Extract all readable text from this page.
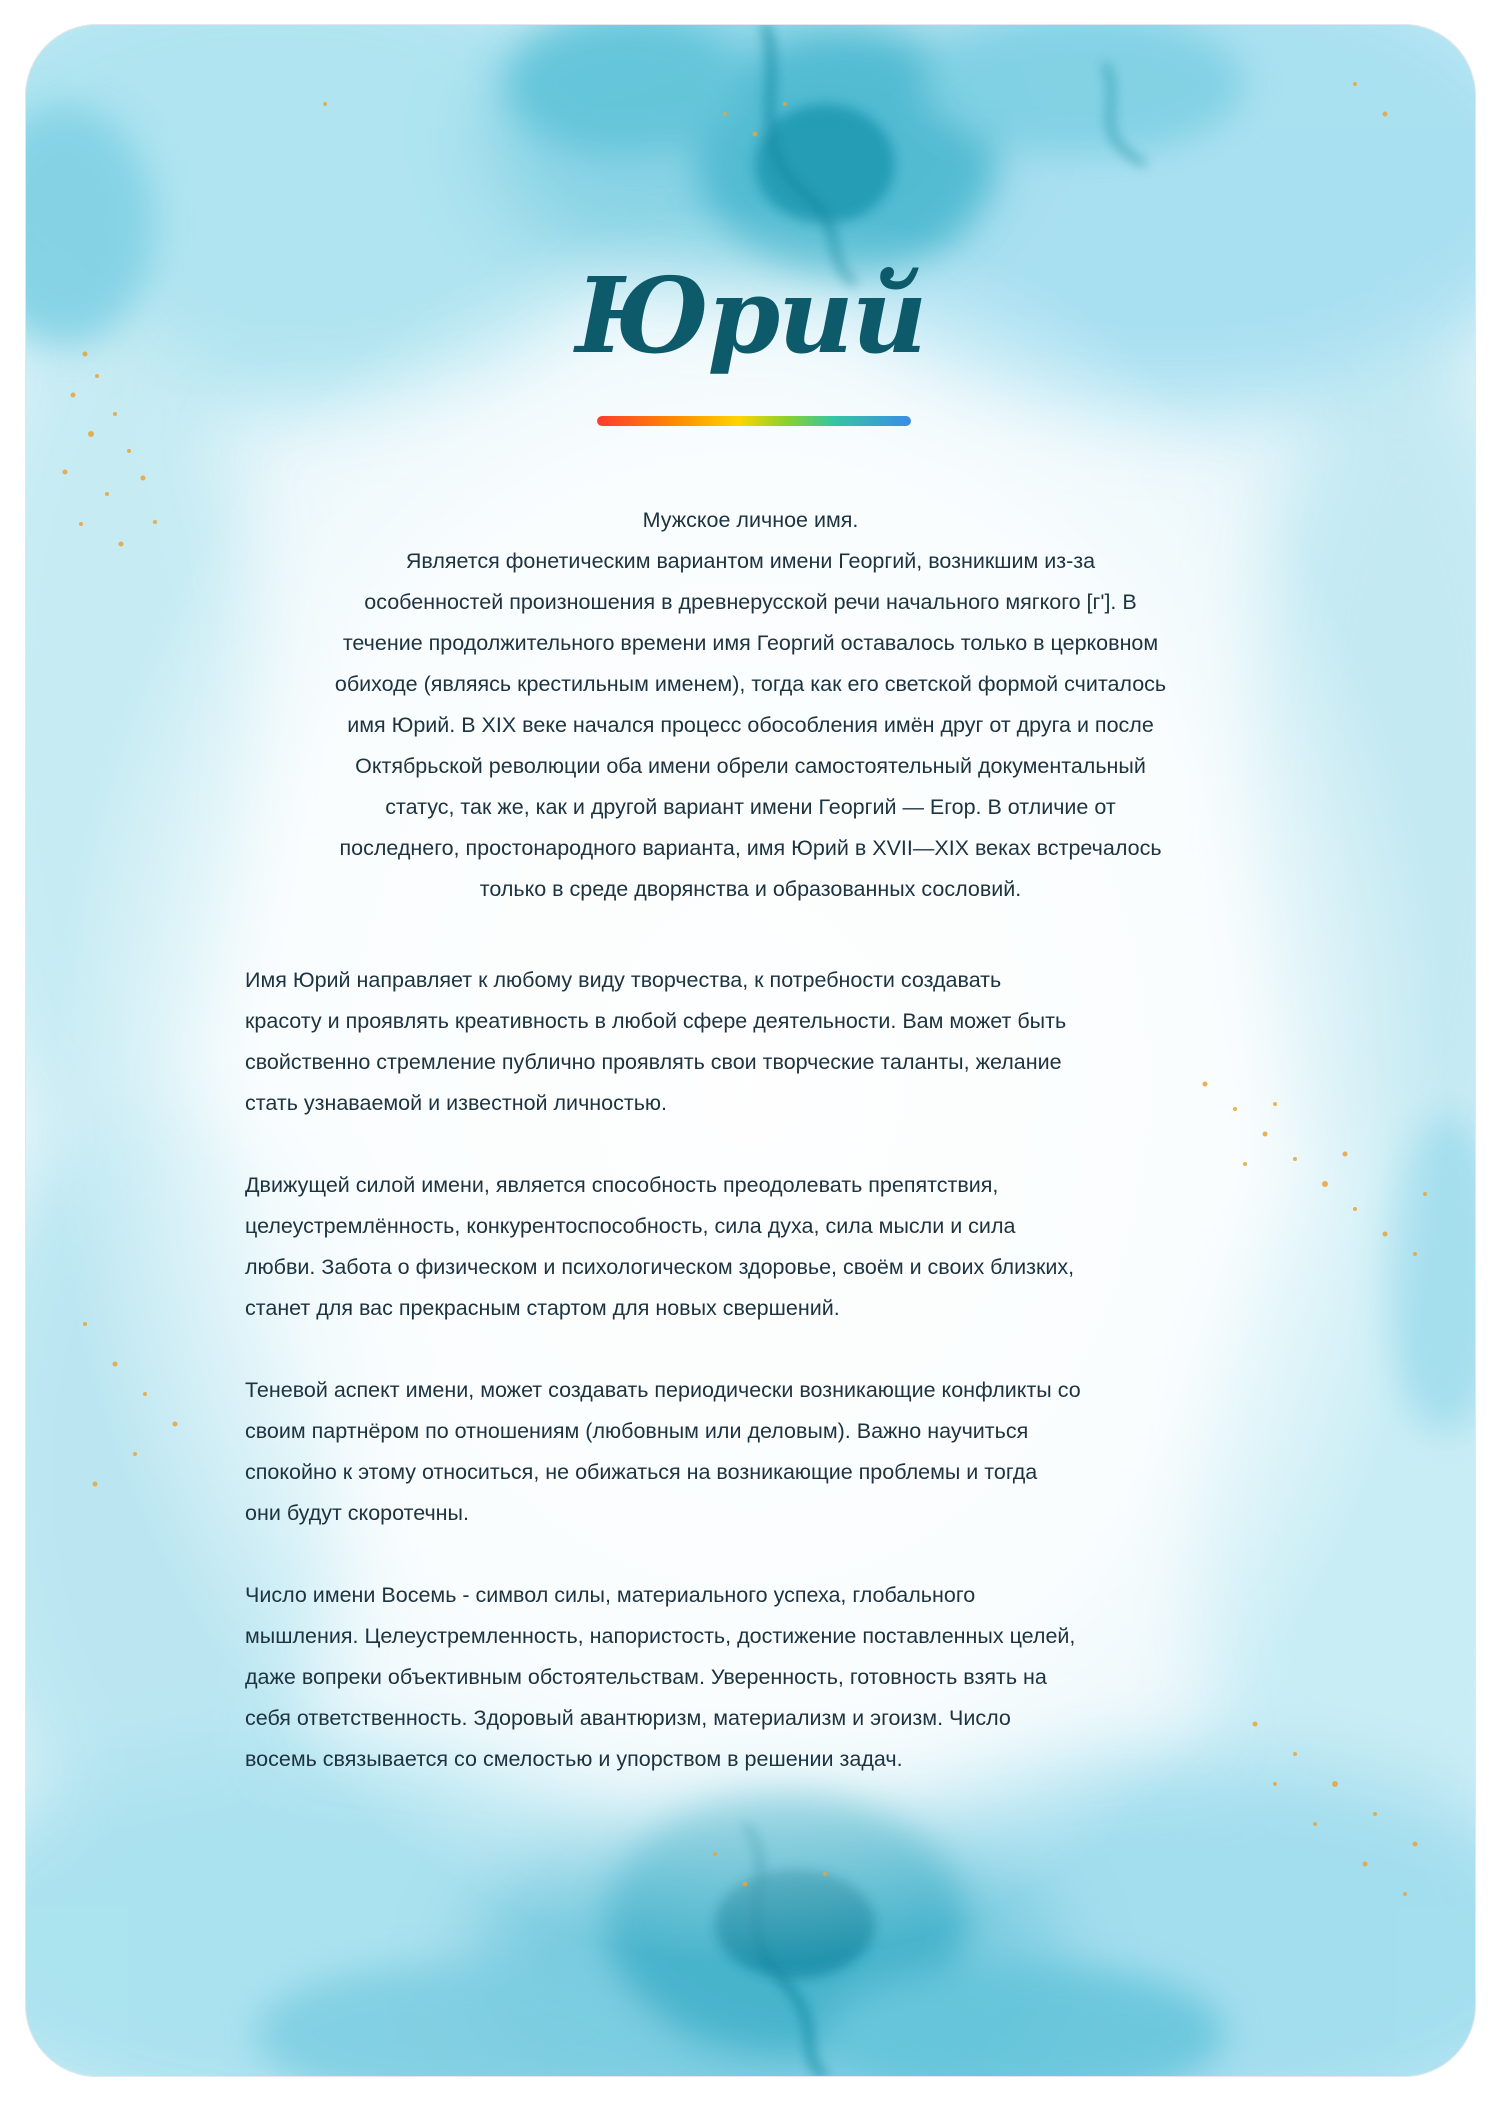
Юрий

Мужское личное имя.
Является фонетическим вариантом имени Георгий, возникшим из-за
особенностей произношения в древнерусской речи начального мягкого [г']. В
течение продолжительного времени имя Георгий оставалось только в церковном
обиходе (являясь крестильным именем), тогда как его светской формой считалось
имя Юрий. В XIX веке начался процесс обособления имён друг от друга и после
Октябрьской революции оба имени обрели самостоятельный документальный
статус, так же, как и другой вариант имени Георгий — Егор. В отличие от
последнего, простонародного варианта, имя Юрий в XVII—XIX веках встречалось
только в среде дворянства и образованных сословий.

Имя Юрий направляет к любому виду творчества, к потребности создавать
красоту и проявлять креативность в любой сфере деятельности. Вам может быть
свойственно стремление публично проявлять свои творческие таланты, желание
стать узнаваемой и известной личностью.

Движущей силой имени, является способность преодолевать препятствия,
целеустремлённость, конкурентоспособность, сила духа, сила мысли и сила
любви. Забота о физическом и психологическом здоровье, своём и своих близких,
станет для вас прекрасным стартом для новых свершений.

Теневой аспект имени, может создавать периодически возникающие конфликты со
своим партнёром по отношениям (любовным или деловым). Важно научиться
спокойно к этому относиться, не обижаться на возникающие проблемы и тогда
они будут скоротечны.

Число имени Восемь - символ силы, материального успеха, глобального
мышления. Целеустремленность, напористость, достижение поставленных целей,
даже вопреки объективным обстоятельствам. Уверенность, готовность взять на
себя ответственность. Здоровый авантюризм, материализм и эгоизм. Число
восемь связывается со смелостью и упорством в решении задач.
